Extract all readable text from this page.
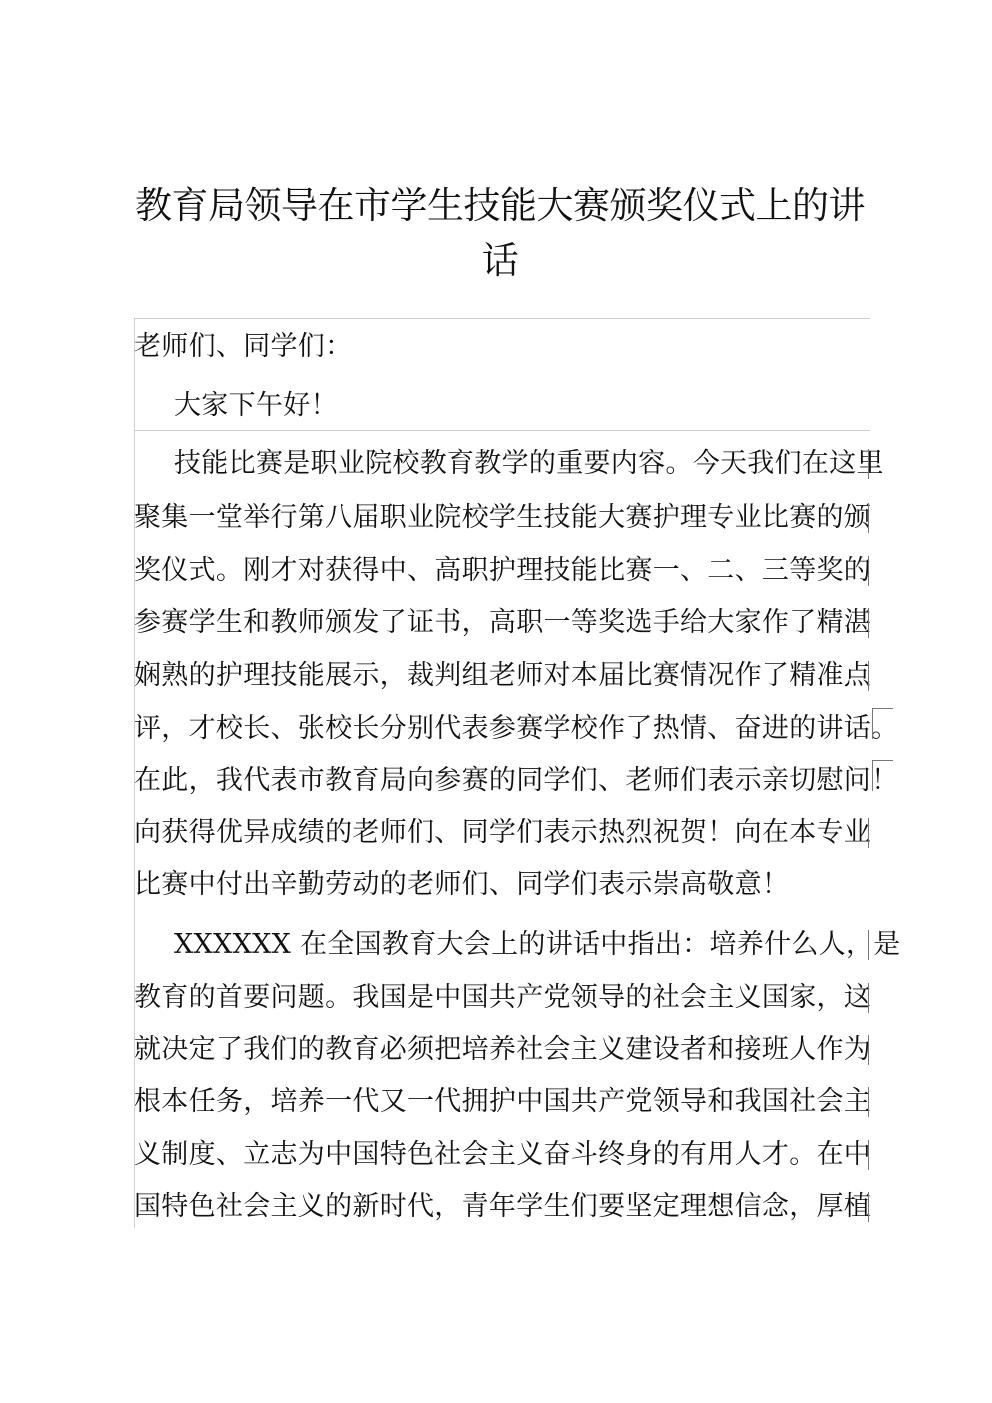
教育局领导在市学生技能大赛颁奖仪式上的讲
话
老师们、同学们：
大家下午好！
技能比赛是职业院校教育教学的重要内容。今天我们在这里
聚集一堂举行第八届职业院校学生技能大赛护理专业比赛的颁
奖仪式。刚才对获得中、高职护理技能比赛一、二、三等奖的
参赛学生和教师颁发了证书，高职一等奖选手给大家作了精湛
娴熟的护理技能展示，裁判组老师对本届比赛情况作了精准点
评，才校长、张校长分别代表参赛学校作了热情、奋进的讲话。
在此，我代表市教育局向参赛的同学们、老师们表示亲切慰问！
向获得优异成绩的老师们、同学们表示热烈祝贺！向在本专业
比赛中付出辛勤劳动的老师们、同学们表示崇高敬意！
XXXXXX 在全国教育大会上的讲话中指出：培养什么人，是
教育的首要问题。我国是中国共产党领导的社会主义国家，这
就决定了我们的教育必须把培养社会主义建设者和接班人作为
根本任务，培养一代又一代拥护中国共产党领导和我国社会主
义制度、立志为中国特色社会主义奋斗终身的有用人才。在中
国特色社会主义的新时代，青年学生们要坚定理想信念，厚植
